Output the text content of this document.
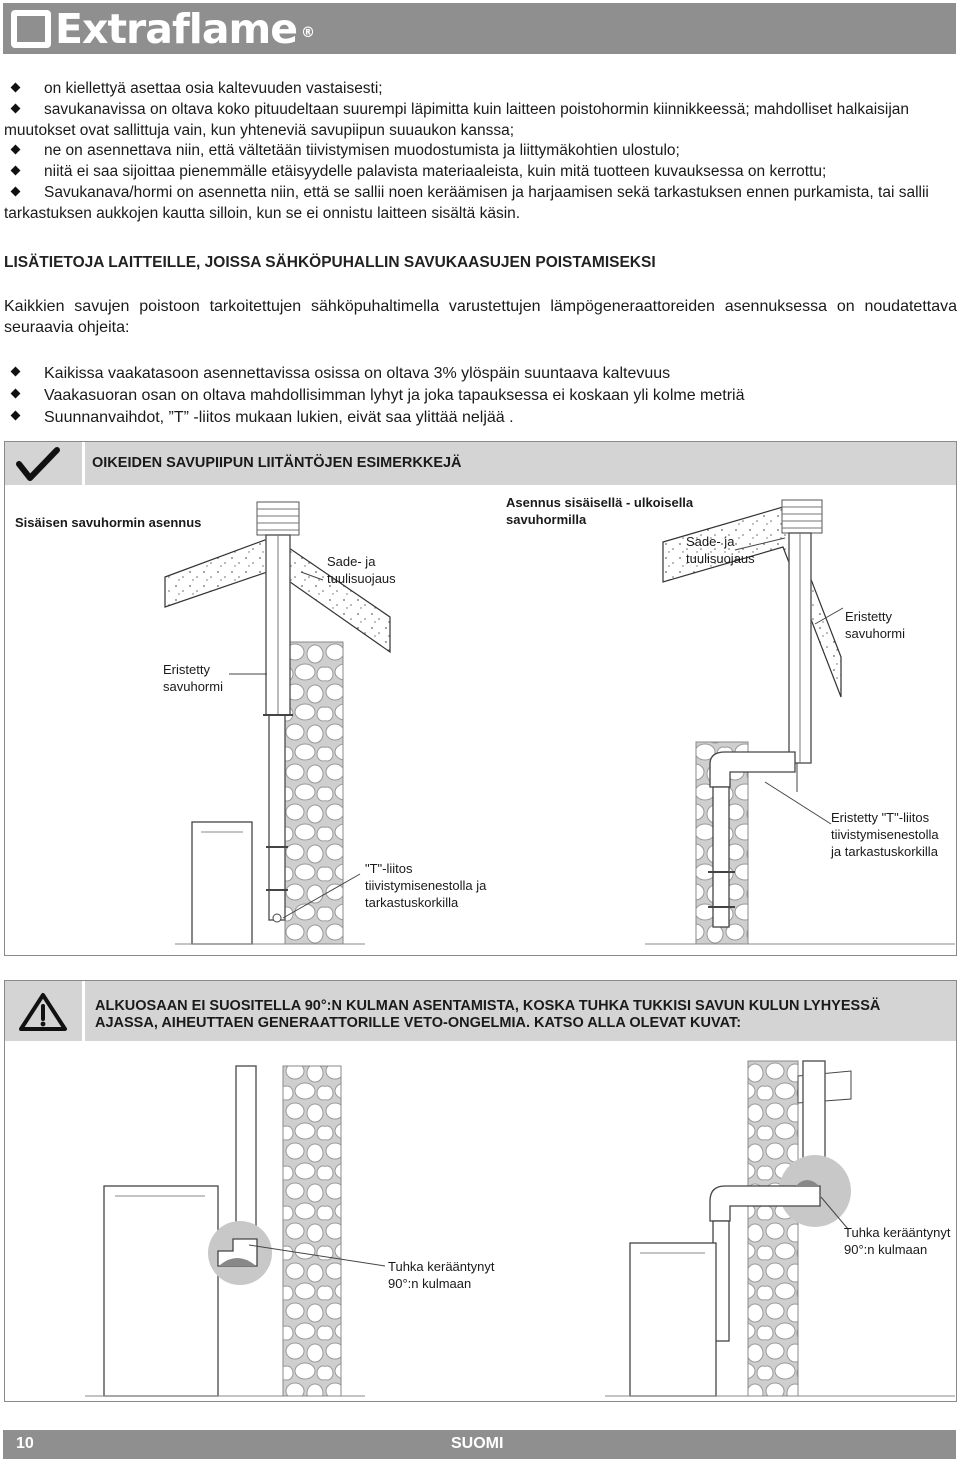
Extraflame ®
on kiellettyä asettaa osia kaltevuuden vastaisesti;
savukanavissa on oltava koko pituudeltaan suurempi läpimitta kuin laitteen poistohormin kiinnikkeessä; mahdolliset halkaisijan muutokset ovat sallittuja vain, kun yhteneviä savupiipun suuaukon kanssa;
ne on asennettava niin, että vältetään tiivistymisen muodostumista ja liittymäkohtien ulostulo;
niitä ei saa sijoittaa pienemmälle etäisyydelle palavista materiaaleista, kuin mitä tuotteen kuvauksessa on kerrottu;
Savukanava/hormi on asennetta niin, että se sallii noen keräämisen ja harjaamisen sekä tarkastuksen ennen purkamista, tai sallii tarkastuksen aukkojen kautta silloin, kun se ei onnistu laitteen sisältä käsin.
LISÄTIETOJA LAITTEILLE, JOISSA SÄHKÖPUHALLIN SAVUKAASUJEN POISTAMISEKSI
Kaikkien savujen poistoon tarkoitettujen sähköpuhaltimella varustettujen lämpögeneraattoreiden asennuksessa on noudatettava seuraavia ohjeita:
Kaikissa vaakatasoon asennettavissa osissa on oltava 3% ylöspäin suuntaava kaltevuus
Vaakasuoran osan on oltava mahdollisimman lyhyt ja joka tapauksessa ei koskaan yli kolme metriä
Suunnanvaihdot, ”T” -liitos mukaan lukien, eivät saa ylittää neljää .
OIKEIDEN SAVUPIIPUN LIITÄNTÖJEN ESIMERKKEJÄ
Sisäisen savuhormin asennus
Sade- ja
tuulisuojaus
Eristetty
savuhormi
"T"-liitos
tiivistymisenestolla ja
tarkastuskorkilla
Asennus sisäisellä - ulkoisella
savuhormilla
Sade- ja
tuulisuojaus
Eristetty
savuhormi
Eristetty "T"-liitos
tiivistymisenestolla
ja tarkastuskorkilla
ALKUOSAAN EI SUOSITELLA 90°:N KULMAN ASENTAMISTA, KOSKA TUHKA TUKKISI SAVUN KULUN LYHYESSÄ AJASSA, AIHEUTTAEN GENERAATTORILLE VETO-ONGELMIA. KATSO ALLA OLEVAT KUVAT:
Tuhka kerääntynyt
90°:n kulmaan
Tuhka kerääntynyt
90°:n kulmaan
10	SUOMI
